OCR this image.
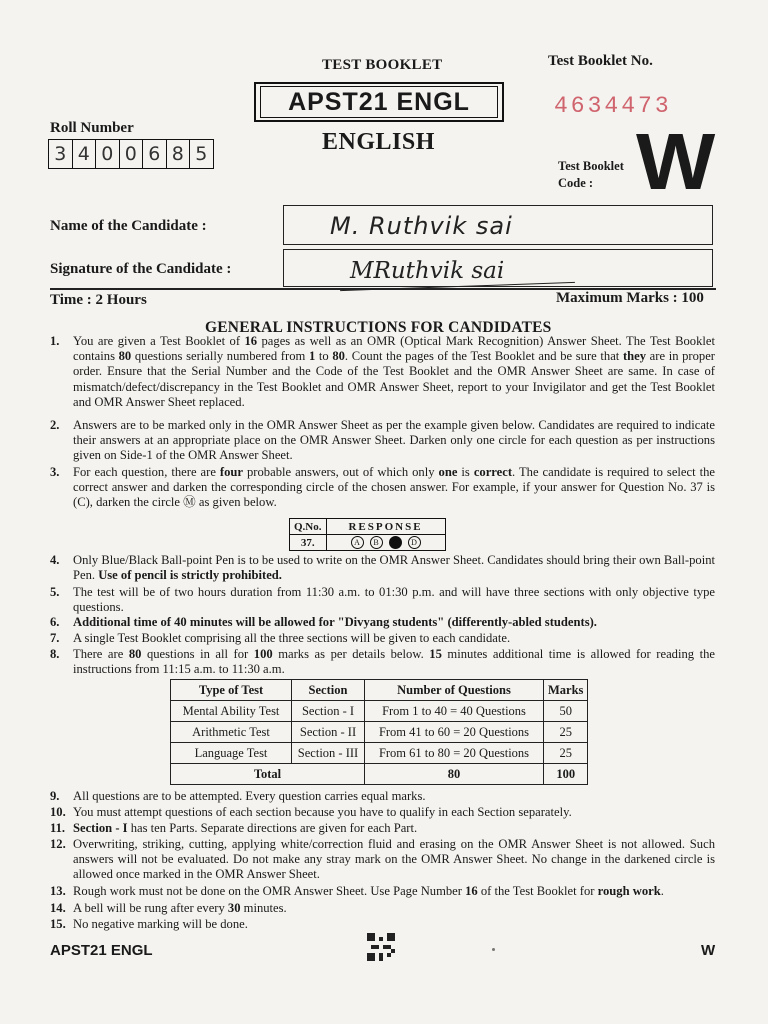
TEST BOOKLET	Test Booklet No.
APST21 ENGL	4634473
ENGLISH
Roll Number
3 4 0 0 6 8 5
Test Booklet Code : W
Name of the Candidate :	M. Ruthvik sai
Signature of the Candidate :	MRuthvik sai
Time : 2 Hours	Maximum Marks : 100
GENERAL INSTRUCTIONS FOR CANDIDATES
1. You are given a Test Booklet of 16 pages as well as an OMR (Optical Mark Recognition) Answer Sheet. The Test Booklet contains 80 questions serially numbered from 1 to 80. Count the pages of the Test Booklet and be sure that they are in proper order. Ensure that the Serial Number and the Code of the Test Booklet and the OMR Answer Sheet are same. In case of mismatch/defect/discrepancy in the Test Booklet and OMR Answer Sheet, report to your Invigilator and get the Test Booklet and OMR Answer Sheet replaced.
2. Answers are to be marked only in the OMR Answer Sheet as per the example given below. Candidates are required to indicate their answers at an appropriate place on the OMR Answer Sheet. Darken only one circle for each question as per instructions given on Side-1 of the OMR Answer Sheet.
3. For each question, there are four probable answers, out of which only one is correct. The candidate is required to select the correct answer and darken the corresponding circle of the chosen answer. For example, if your answer for Question No. 37 is (C), darken the circle Ⓜ as given below.
Q.No.	RESPONSE
37.	A B C D
4. Only Blue/Black Ball-point Pen is to be used to write on the OMR Answer Sheet. Candidates should bring their own Ball-point Pen. Use of pencil is strictly prohibited.
5. The test will be of two hours duration from 11:30 a.m. to 01:30 p.m. and will have three sections with only objective type questions.
6. Additional time of 40 minutes will be allowed for "Divyang students" (differently-abled students).
7. A single Test Booklet comprising all the three sections will be given to each candidate.
8. There are 80 questions in all for 100 marks as per details below. 15 minutes additional time is allowed for reading the instructions from 11:15 a.m. to 11:30 a.m.
Type of Test	Section	Number of Questions	Marks
Mental Ability Test	Section - I	From 1 to 40 = 40 Questions	50
Arithmetic Test	Section - II	From 41 to 60 = 20 Questions	25
Language Test	Section - III	From 61 to 80 = 20 Questions	25
Total		80	100
9. All questions are to be attempted. Every question carries equal marks.
10. You must attempt questions of each section because you have to qualify in each Section separately.
11. Section - I has ten Parts. Separate directions are given for each Part.
12. Overwriting, striking, cutting, applying white/correction fluid and erasing on the OMR Answer Sheet is not allowed. Such answers will not be evaluated. Do not make any stray mark on the OMR Answer Sheet. No change in the darkened circle is allowed once marked in the OMR Answer Sheet.
13. Rough work must not be done on the OMR Answer Sheet. Use Page Number 16 of the Test Booklet for rough work.
14. A bell will be rung after every 30 minutes.
15. No negative marking will be done.
APST21 ENGL	W
